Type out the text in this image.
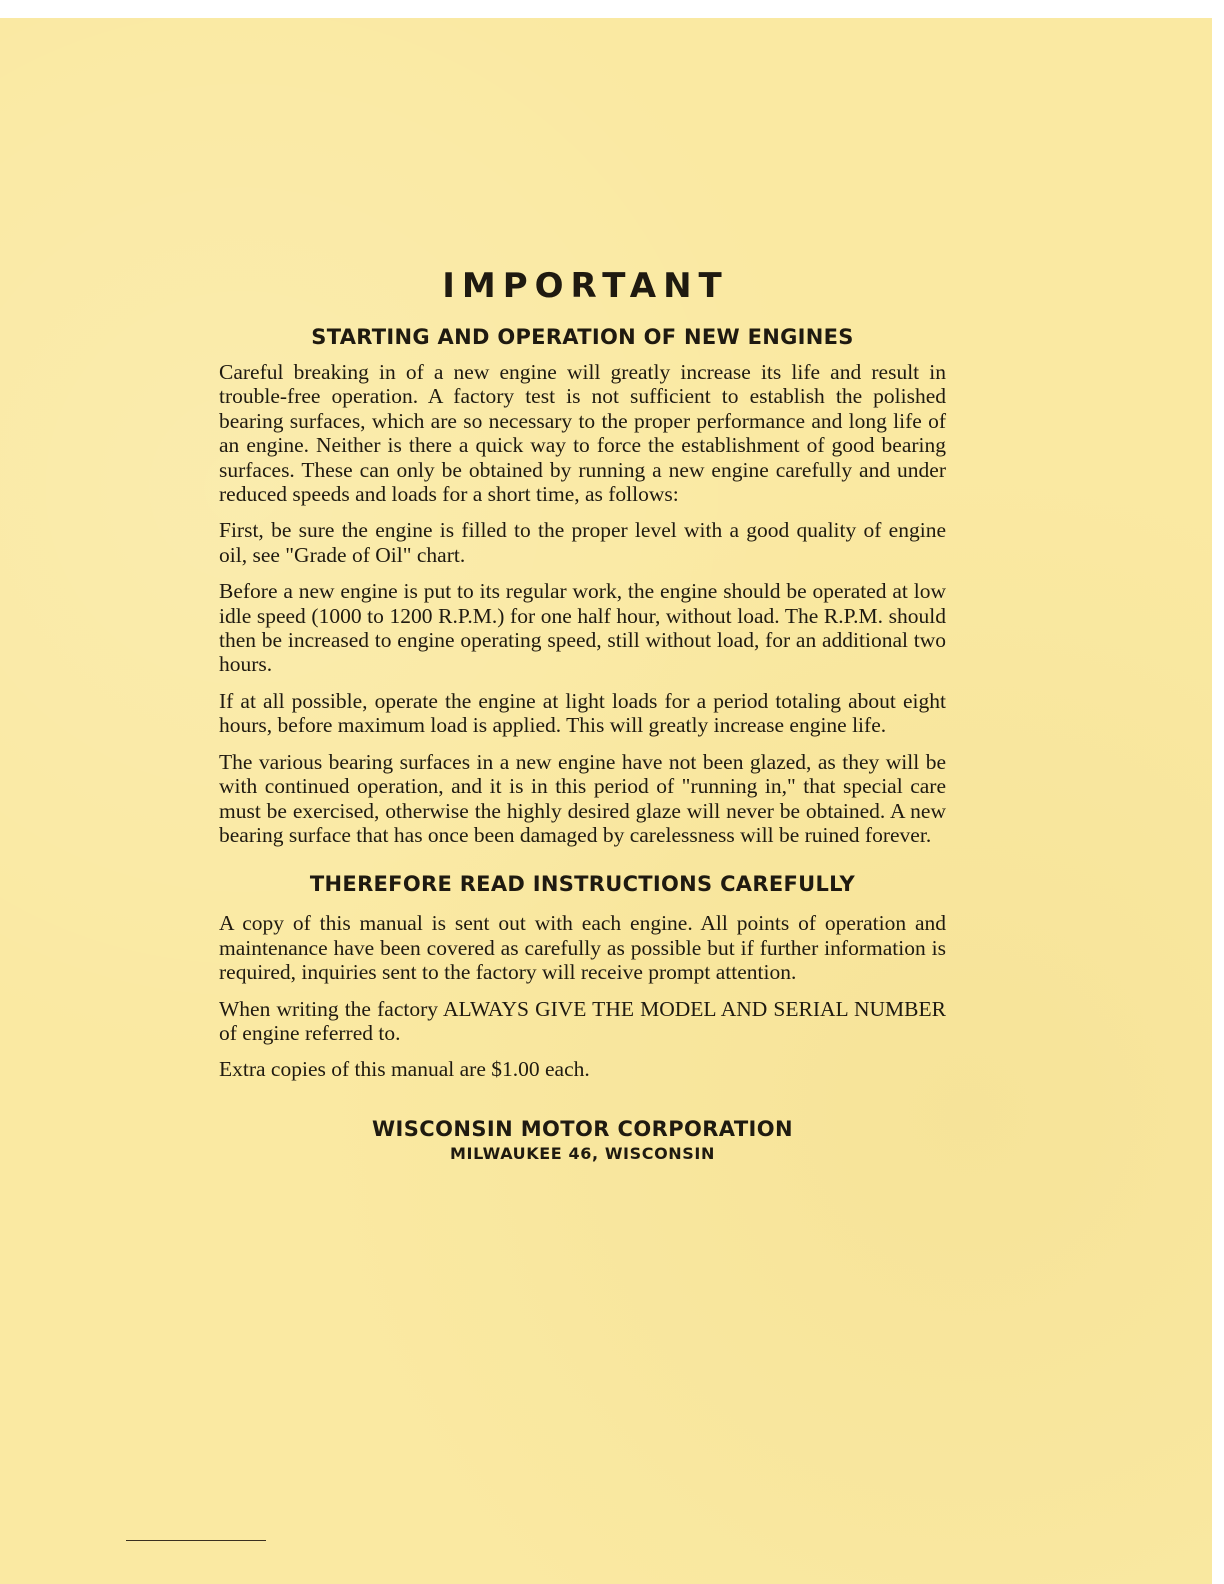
IMPORTANT
STARTING AND OPERATION OF NEW ENGINES

Careful breaking in of a new engine will greatly increase its life and result in trouble-free operation. A factory test is not sufficient to establish the polished bearing surfaces, which are so necessary to the proper performance and long life of an engine. Neither is there a quick way to force the establishment of good bearing surfaces. These can only be obtained by running a new engine carefully and under reduced speeds and loads for a short time, as follows:

First, be sure the engine is filled to the proper level with a good quality of engine oil, see "Grade of Oil" chart.

Before a new engine is put to its regular work, the engine should be operated at low idle speed (1000 to 1200 R.P.M.) for one half hour, without load. The R.P.M. should then be increased to engine operating speed, still without load, for an additional two hours.

If at all possible, operate the engine at light loads for a period totaling about eight hours, before maximum load is applied. This will greatly increase engine life.

The various bearing surfaces in a new engine have not been glazed, as they will be with continued operation, and it is in this period of "running in," that special care must be exercised, otherwise the highly desired glaze will never be obtained. A new bearing surface that has once been damaged by carelessness will be ruined forever.

THEREFORE READ INSTRUCTIONS CAREFULLY

A copy of this manual is sent out with each engine. All points of operation and maintenance have been covered as carefully as possible but if further information is required, inquiries sent to the factory will receive prompt attention.

When writing the factory ALWAYS GIVE THE MODEL AND SERIAL NUMBER of engine referred to.

Extra copies of this manual are $1.00 each.

WISCONSIN MOTOR CORPORATION
MILWAUKEE 46, WISCONSIN
